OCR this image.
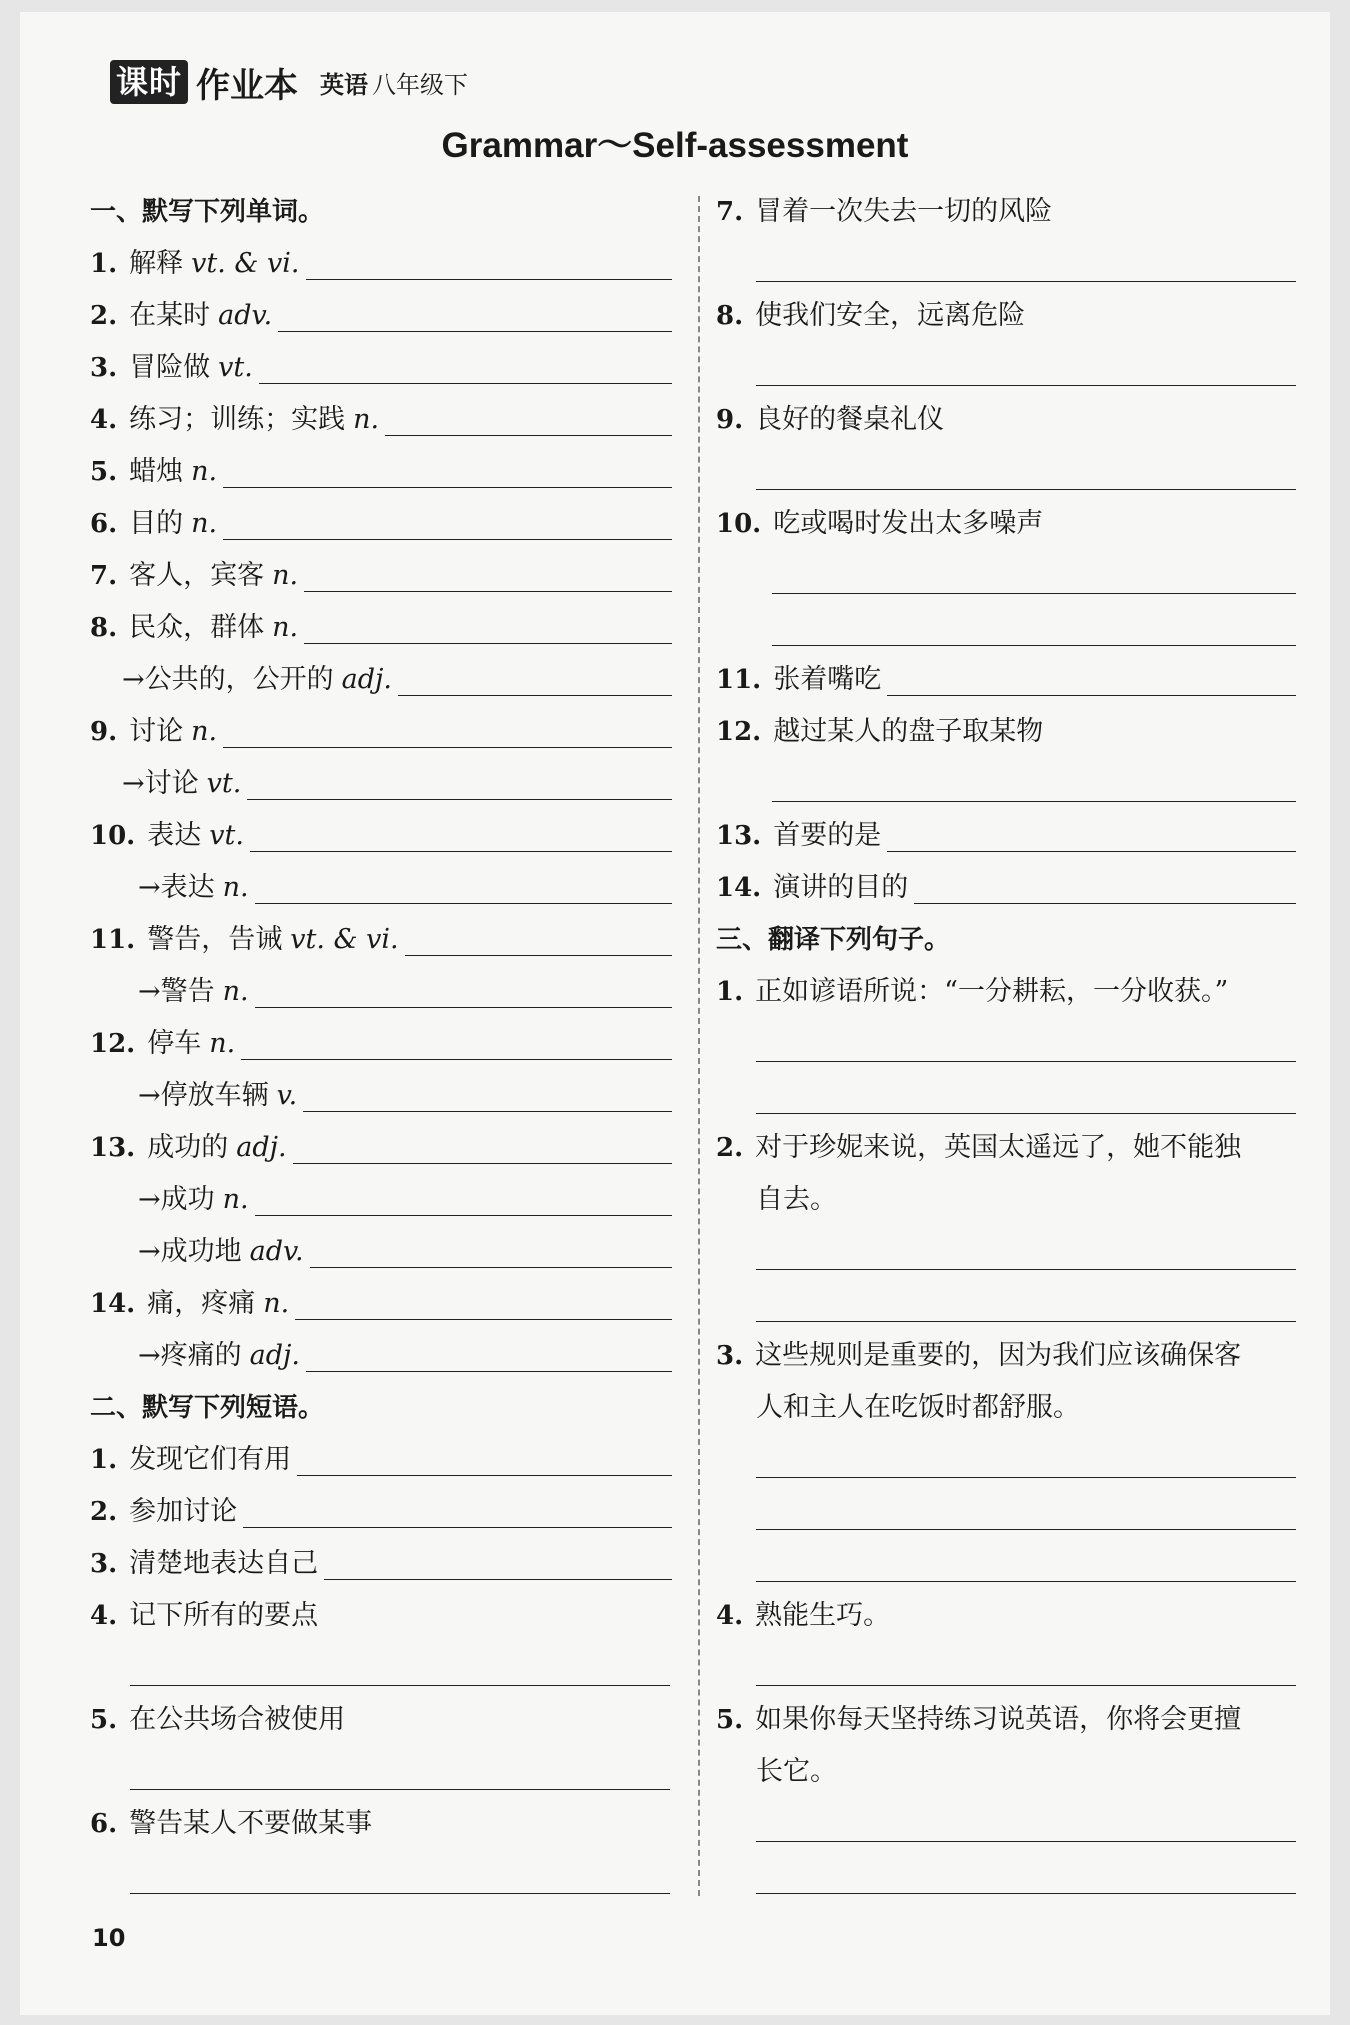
课时 作业本 英语 八年级下
Grammar～Self-assessment
一、默写下列单词。
1. 解释 vt. & vi.
2. 在某时 adv.
3. 冒险做 vt.
4. 练习；训练；实践 n.
5. 蜡烛 n.
6. 目的 n.
7. 客人，宾客 n.
8. 民众，群体 n.
→公共的，公开的 adj.
9. 讨论 n.
→讨论 vt.
10. 表达 vt.
→表达 n.
11. 警告，告诫 vt. & vi.
→警告 n.
12. 停车 n.
→停放车辆 v.
13. 成功的 adj.
→成功 n.
→成功地 adv.
14. 痛，疼痛 n.
→疼痛的 adj.
二、默写下列短语。
1. 发现它们有用
2. 参加讨论
3. 清楚地表达自己
4. 记下所有的要点
5. 在公共场合被使用
6. 警告某人不要做某事
7. 冒着一次失去一切的风险
8. 使我们安全，远离危险
9. 良好的餐桌礼仪
10. 吃或喝时发出太多噪声
11. 张着嘴吃
12. 越过某人的盘子取某物
13. 首要的是
14. 演讲的目的
三、翻译下列句子。
1. 正如谚语所说：“一分耕耘，一分收获。”
2. 对于珍妮来说，英国太遥远了，她不能独
自去。
3. 这些规则是重要的，因为我们应该确保客
人和主人在吃饭时都舒服。
4. 熟能生巧。
5. 如果你每天坚持练习说英语，你将会更擅
长它。
10
